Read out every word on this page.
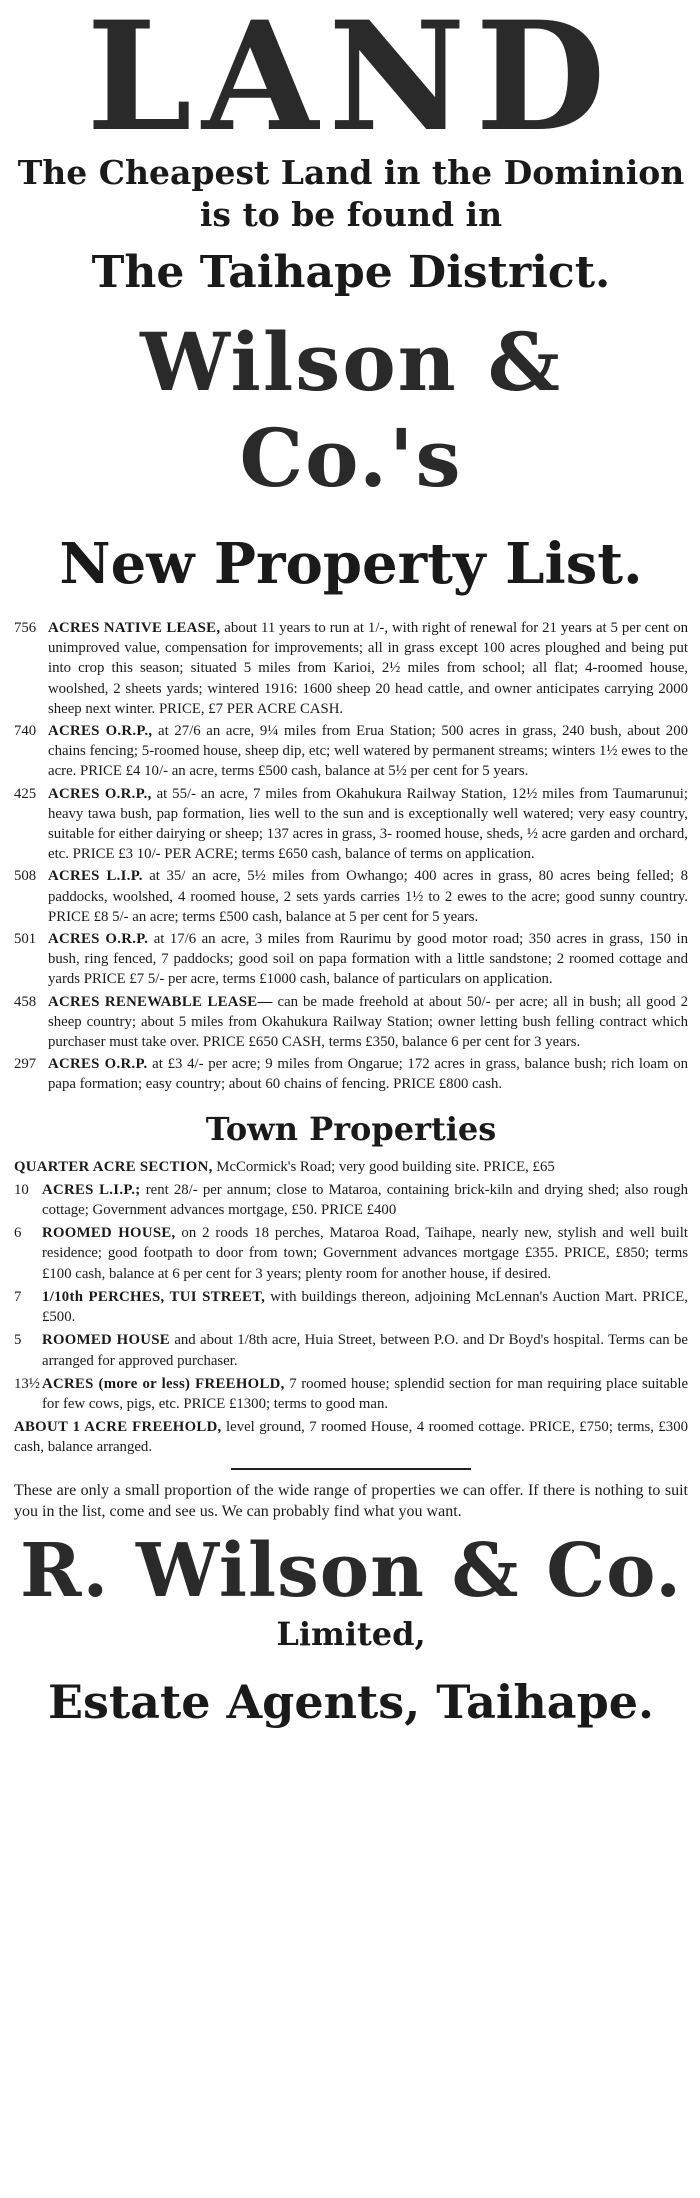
LAND

The Cheapest Land in the Dominion

is to be found in

The Taihape District.

Wilson & Co.'s

New Property List.

756 ACRES NATIVE LEASE, about 11 years to run at 1/-, with right of renewal for 21 years at 5 per cent on unimproved value, compensation for improvements; all in grass except 100 acres ploughed and being put into crop this season; situated 5 miles from Karioi, 2½ miles from school; all flat; 4-roomed house, woolshed, 2 sheets yards; wintered 1916: 1600 sheep 20 head cattle, and owner anticipates carrying 2000 sheep next winter. PRICE, £7 PER ACRE CASH.

740 ACRES O.R.P., at 27/6 an acre, 9¼ miles from Erua Station; 500 acres in grass, 240 bush, about 200 chains fencing; 5-roomed house, sheep dip, etc; well watered by permanent streams; winters 1½ ewes to the acre. PRICE £4 10/- an acre, terms £500 cash, balance at 5½ per cent for 5 years.

425 ACRES O.R.P., at 55/- an acre, 7 miles from Okahukura Railway Station, 12½ miles from Taumarunui; heavy tawa bush, pap formation, lies well to the sun and is exceptionally well watered; very easy country, suitable for either dairying or sheep; 137 acres in grass, 3- roomed house, sheds, ½ acre garden and orchard, etc. PRICE £3 10/- PER ACRE; terms £650 cash, balance of terms on application.

508 ACRES L.I.P. at 35/ an acre, 5½ miles from Owhango; 400 acres in grass, 80 acres being felled; 8 paddocks, woolshed, 4 roomed house, 2 sets yards carries 1½ to 2 ewes to the acre; good sunny country. PRICE £8 5/- an acre; terms £500 cash, balance at 5 per cent for 5 years.

501 ACRES O.R.P. at 17/6 an acre, 3 miles from Raurimu by good motor road; 350 acres in grass, 150 in bush, ring fenced, 7 paddocks; good soil on papa formation with a little sandstone; 2 roomed cottage and yards PRICE £7 5/- per acre, terms £1000 cash, balance of particulars on application.

458 ACRES RENEWABLE LEASE— can be made freehold at about 50/- per acre; all in bush; all good 2 sheep country; about 5 miles from Okahukura Railway Station; owner letting bush felling contract which purchaser must take over. PRICE £650 CASH, terms £350, balance 6 per cent for 3 years.

297 ACRES O.R.P. at £3 4/- per acre; 9 miles from Ongarue; 172 acres in grass, balance bush; rich loam on papa formation; easy country; about 60 chains of fencing. PRICE £800 cash.

Town Properties

QUARTER ACRE SECTION, McCormick's Road; very good building site. PRICE, £65

10 ACRES L.I.P.; rent 28/- per annum; close to Mataroa, containing brick-kiln and drying shed; also rough cottage; Government advances mortgage, £50. PRICE £400

6 ROOMED HOUSE, on 2 roods 18 perches, Mataroa Road, Taihape, nearly new, stylish and well built residence; good footpath to door from town; Government advances mortgage £355. PRICE, £850; terms £100 cash, balance at 6 per cent for 3 years; plenty room for another house, if desired.

7 1/10th PERCHES, TUI STREET, with buildings thereon, adjoining McLennan's Auction Mart. PRICE, £500.

5 ROOMED HOUSE and about 1/8th acre, Huia Street, between P.O. and Dr Boyd's hospital. Terms can be arranged for approved purchaser.

13½ ACRES (more or less) FREEHOLD, 7 roomed house; splendid section for man requiring place suitable for few cows, pigs, etc. PRICE £1300; terms to good man.

ABOUT 1 ACRE FREEHOLD, level ground, 7 roomed House, 4 roomed cottage. PRICE, £750; terms, £300 cash, balance arranged.

These are only a small proportion of the wide range of properties we can offer. If there is nothing to suit you in the list, come and see us. We can probably find what you want.

R. Wilson & Co.

Limited,

Estate Agents, Taihape.
